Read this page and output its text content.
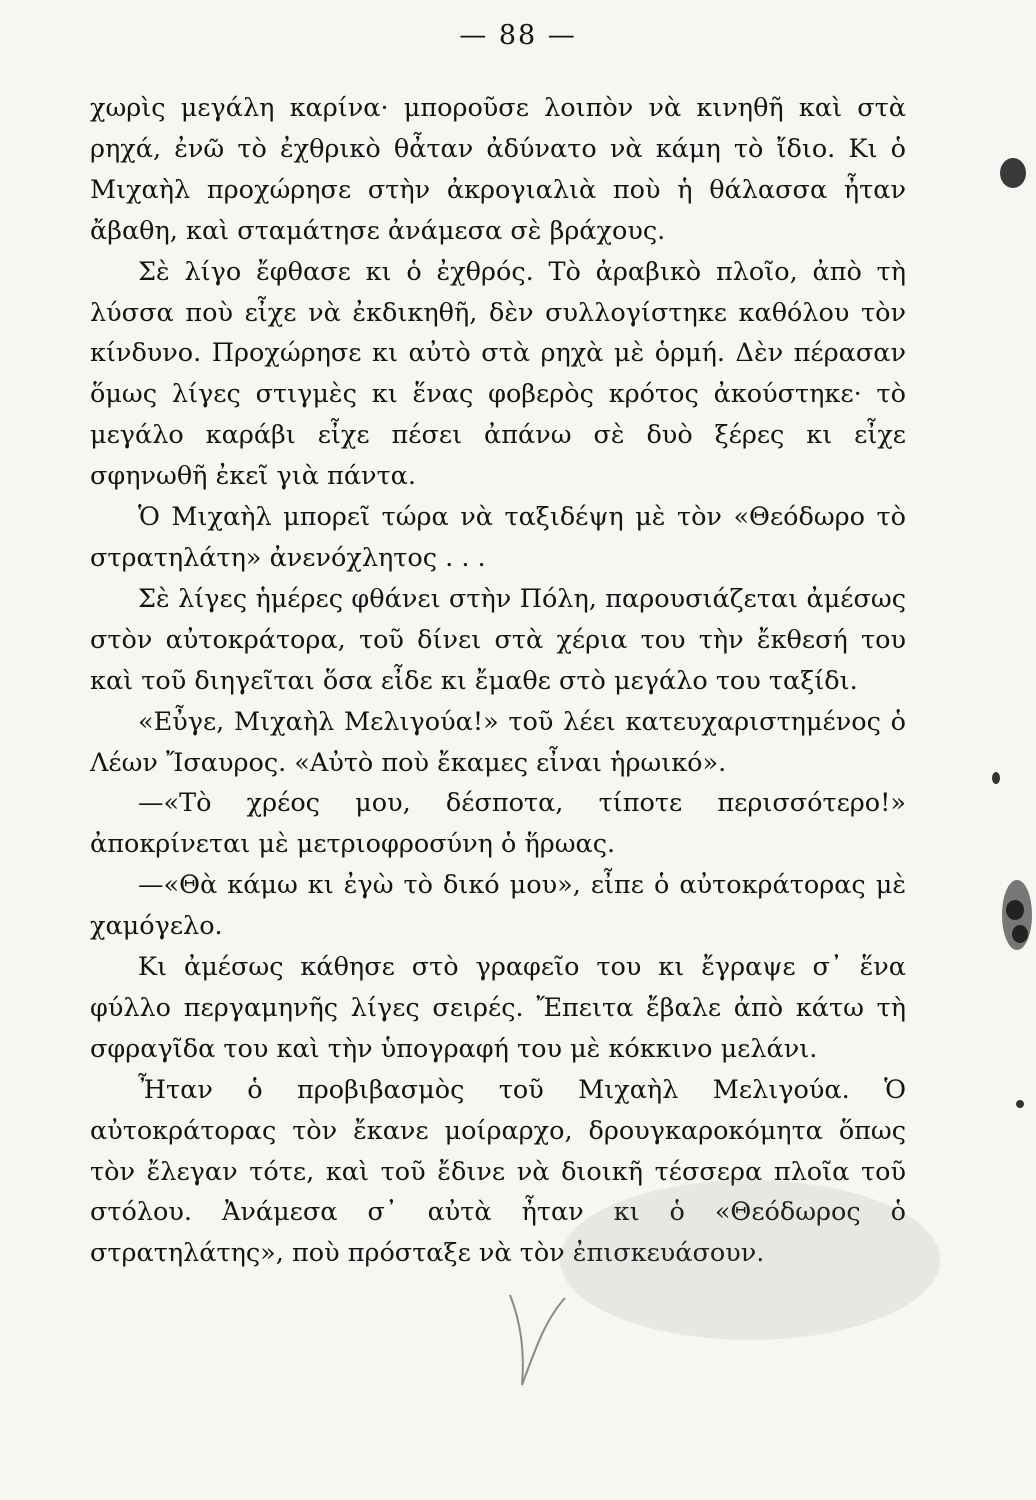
— 88 —

χωρὶς μεγάλη καρίνα· μποροῦσε λοιπὸν νὰ κινηθῆ καὶ στὰ ρηχά, ἐνῶ τὸ ἐχθρικὸ θἆταν ἀδύνατο νὰ κάμη τὸ ἴδιο. Κι ὁ Μιχαὴλ προχώρησε στὴν ἀκρογιαλιὰ ποὺ ἡ θάλασσα ἦταν ἄβαθη, καὶ σταμάτησε ἀνάμεσα σὲ βράχους.

Σὲ λίγο ἔφθασε κι ὁ ἐχθρός. Τὸ ἀραβικὸ πλοῖο, ἀπὸ τὴ λύσσα ποὺ εἶχε νὰ ἐκδικηθῆ, δὲν συλλογίστηκε καθόλου τὸν κίνδυνο. Προχώρησε κι αὐτὸ στὰ ρηχὰ μὲ ὁρμή. Δὲν πέρασαν ὅμως λίγες στιγμὲς κι ἕνας φοβερὸς κρότος ἀκούστηκε· τὸ μεγάλο καράβι εἶχε πέσει ἀπάνω σὲ δυὸ ξέρες κι εἶχε σφηνωθῆ ἐκεῖ γιὰ πάντα.

Ὁ Μιχαὴλ μπορεῖ τώρα νὰ ταξιδέψη μὲ τὸν «Θεόδωρο τὸ στρατηλάτη» ἀνενόχλητος . . .

Σὲ λίγες ἡμέρες φθάνει στὴν Πόλη, παρουσιάζεται ἀμέσως στὸν αὐτοκράτορα, τοῦ δίνει στὰ χέρια του τὴν ἔκθεσή του καὶ τοῦ διηγεῖται ὅσα εἶδε κι ἔμαθε στὸ μεγάλο του ταξίδι.

«Εὖγε, Μιχαὴλ Μελιγούα!» τοῦ λέει κατευχαριστημένος ὁ Λέων Ἴσαυρος. «Αὐτὸ ποὺ ἔκαμες εἶναι ἡρωικό».

—«Τὸ χρέος μου, δέσποτα, τίποτε περισσότερο!» ἀποκρίνεται μὲ μετριοφροσύνη ὁ ἥρωας.

—«Θὰ κάμω κι ἐγὼ τὸ δικό μου», εἶπε ὁ αὐτοκράτορας μὲ χαμόγελο.

Κι ἀμέσως κάθησε στὸ γραφεῖο του κι ἔγραψε σ᾽ ἕνα φύλλο περγαμηνῆς λίγες σειρές. Ἔπειτα ἔβαλε ἀπὸ κάτω τὴ σφραγῖδα του καὶ τὴν ὑπογραφή του μὲ κόκκινο μελάνι.

Ἦταν ὁ προβιβασμὸς τοῦ Μιχαὴλ Μελιγούα. Ὁ αὐτοκράτορας τὸν ἔκανε μοίραρχο, δρουγκαροκόμητα ὅπως τὸν ἔλεγαν τότε, καὶ τοῦ ἔδινε νὰ διοικῆ τέσσερα πλοῖα τοῦ στόλου. Ἀνάμεσα σ᾽ αὐτὰ ἦταν κι ὁ «Θεόδωρος ὁ στρατηλάτης», ποὺ πρόσταξε νὰ τὸν ἐπισκευάσουν.
